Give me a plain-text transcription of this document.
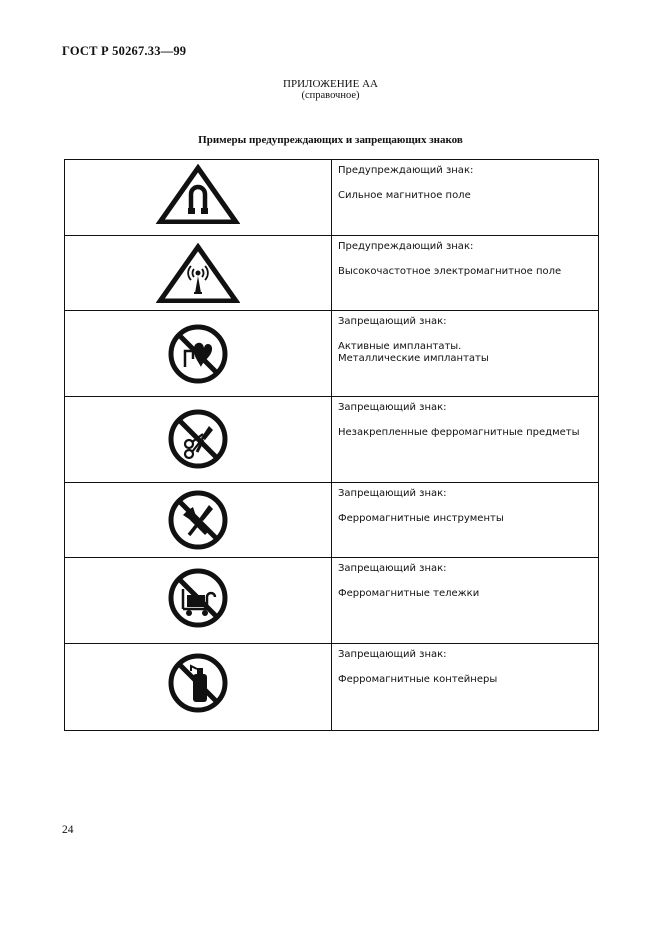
ГОСТ Р 50267.33—99
ПРИЛОЖЕНИЕ АА
(справочное)
Примеры предупреждающих и запрещающих знаков

Предупреждающий знак:
Сильное магнитное поле

Предупреждающий знак:
Высокочастотное электромагнитное поле

Запрещающий знак:
Активные имплантаты.
Металлические имплантаты

Запрещающий знак:
Незакрепленные ферромагнитные предметы

Запрещающий знак:
Ферромагнитные инструменты

Запрещающий знак:
Ферромагнитные тележки

Запрещающий знак:
Ферромагнитные контейнеры
24
